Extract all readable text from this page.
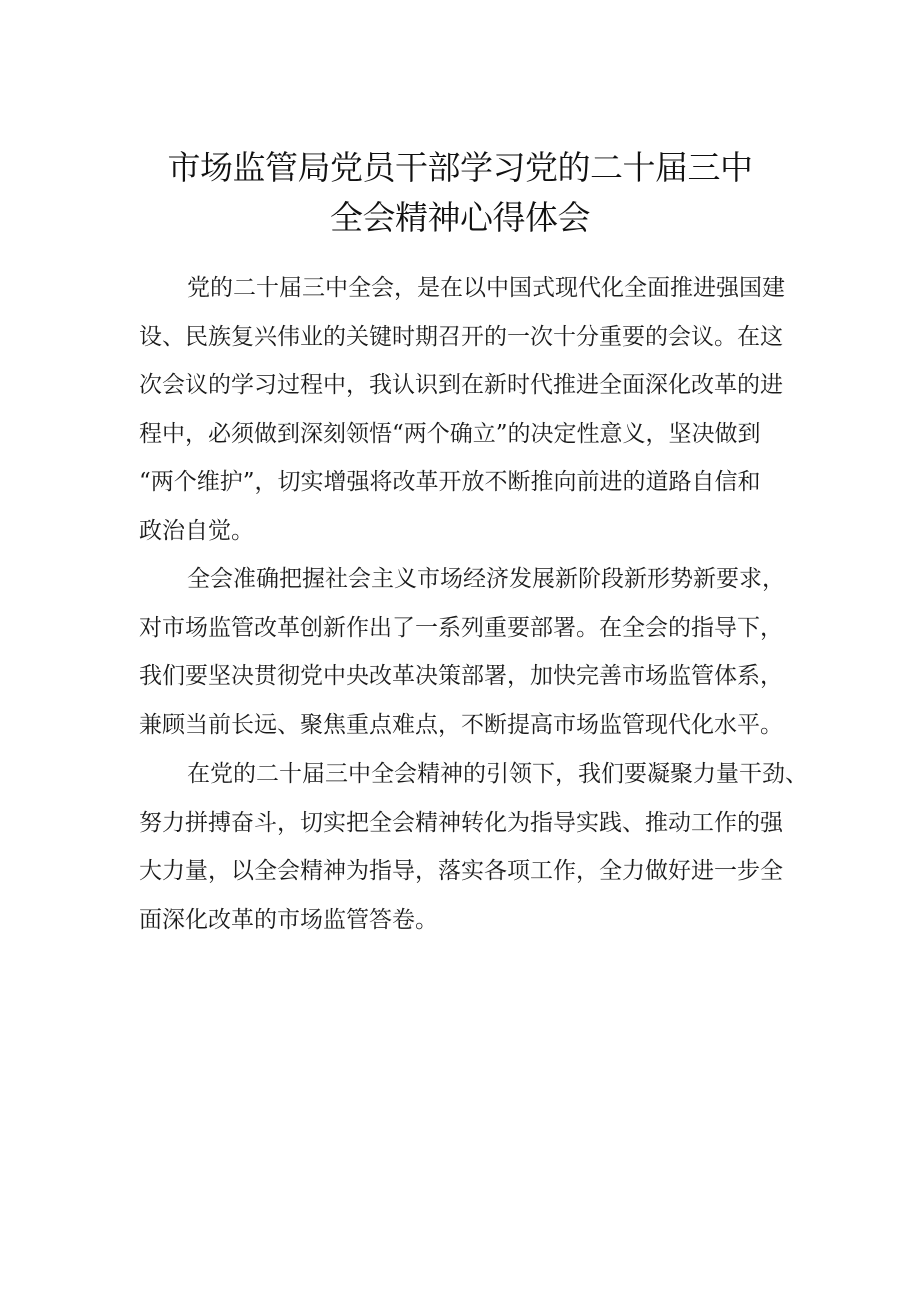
市场监管局党员干部学习党的二十届三中
全会精神心得体会
党的二十届三中全会，是在以中国式现代化全面推进强国建
设、民族复兴伟业的关键时期召开的一次十分重要的会议。在这
次会议的学习过程中，我认识到在新时代推进全面深化改革的进
程中，必须做到深刻领悟“两个确立”的决定性意义，坚决做到
“两个维护”，切实增强将改革开放不断推向前进的道路自信和
政治自觉。
全会准确把握社会主义市场经济发展新阶段新形势新要求，
对市场监管改革创新作出了一系列重要部署。在全会的指导下，
我们要坚决贯彻党中央改革决策部署，加快完善市场监管体系，
兼顾当前长远、聚焦重点难点，不断提高市场监管现代化水平。
在党的二十届三中全会精神的引领下，我们要凝聚力量干劲、
努力拼搏奋斗，切实把全会精神转化为指导实践、推动工作的强
大力量，以全会精神为指导，落实各项工作，全力做好进一步全
面深化改革的市场监管答卷。
